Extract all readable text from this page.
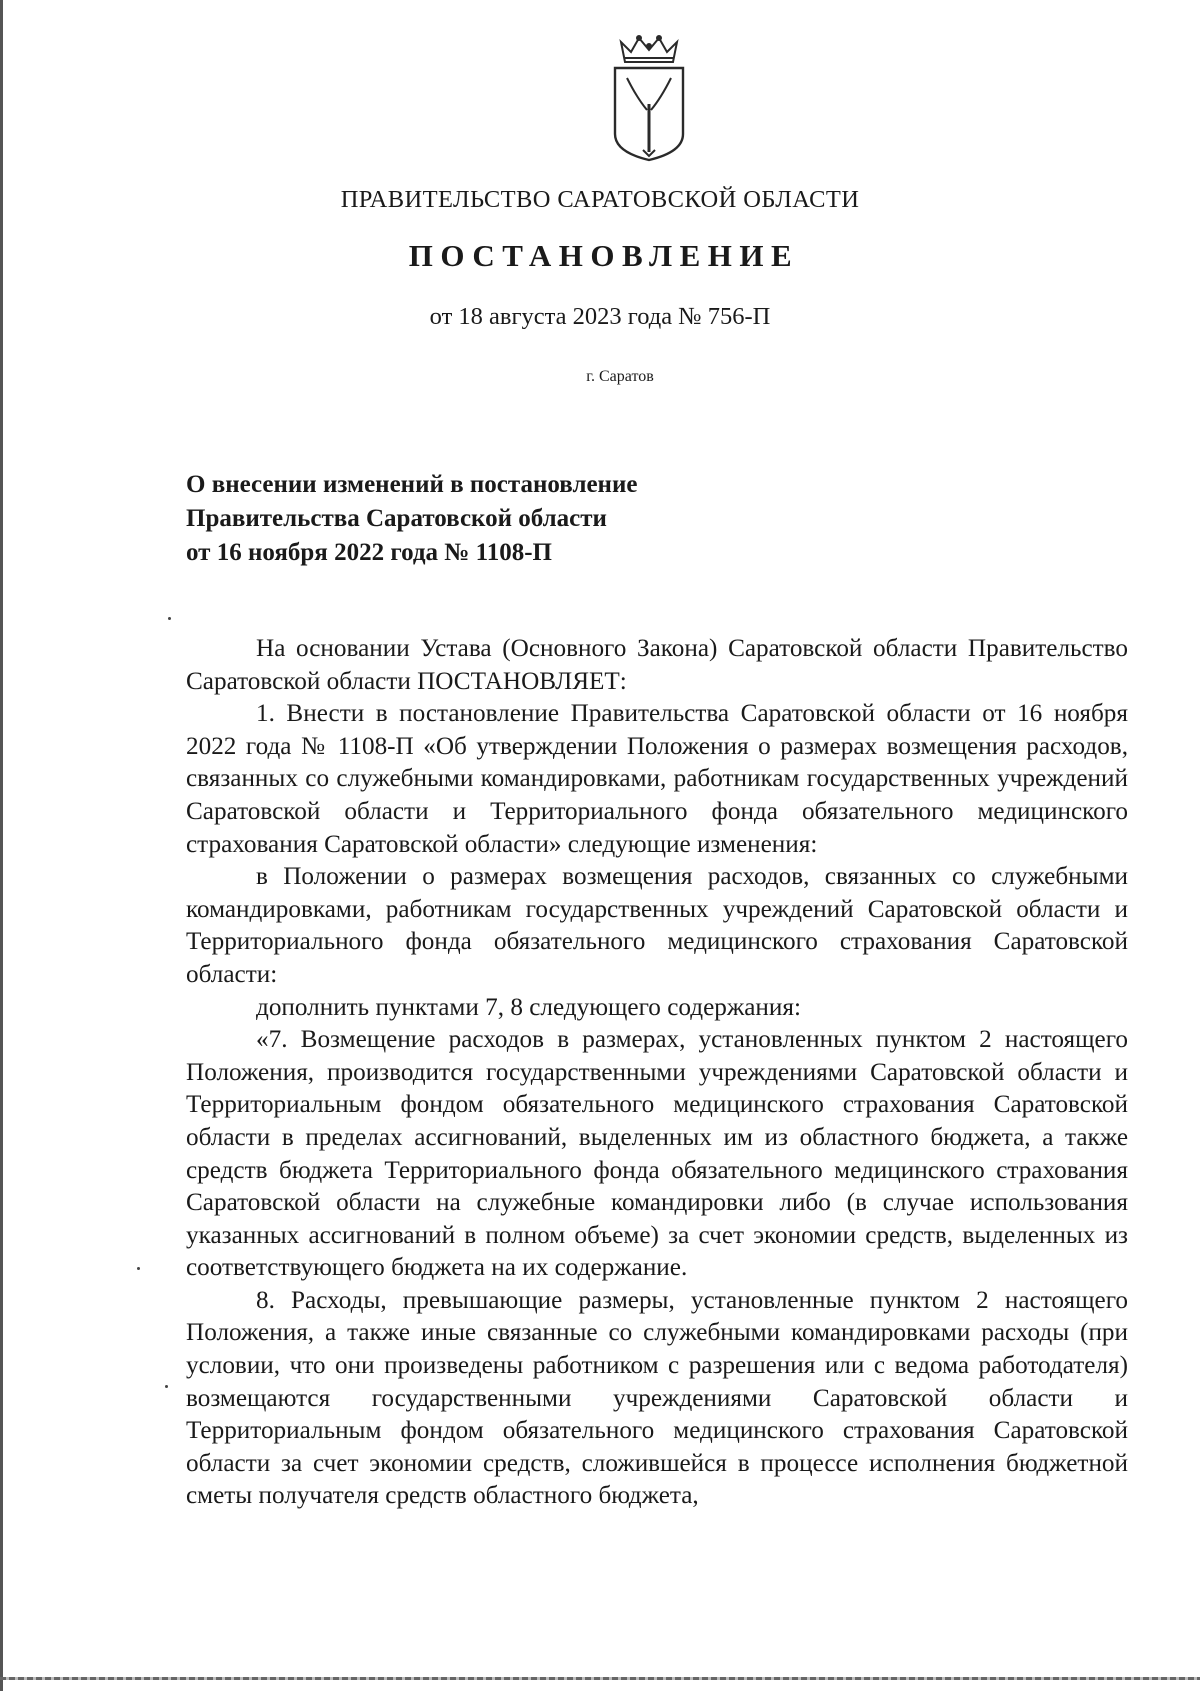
ПРАВИТЕЛЬСТВО САРАТОВСКОЙ ОБЛАСТИ
ПОСТАНОВЛЕНИЕ
от 18 августа 2023 года № 756-П
г. Саратов
О внесении изменений в постановление
Правительства Саратовской области
от 16 ноября 2022 года № 1108-П

На основании Устава (Основного Закона) Саратовской области Правительство Саратовской области ПОСТАНОВЛЯЕТ:

1. Внести в постановление Правительства Саратовской области от 16 ноября 2022 года № 1108-П «Об утверждении Положения о размерах возмещения расходов, связанных со служебными командировками, работникам государственных учреждений Саратовской области и Территориального фонда обязательного медицинского страхования Саратовской области» следующие изменения:

в Положении о размерах возмещения расходов, связанных со служебными командировками, работникам государственных учреждений Саратовской области и Территориального фонда обязательного медицинского страхования Саратовской области:

дополнить пунктами 7, 8 следующего содержания:

«7. Возмещение расходов в размерах, установленных пунктом 2 настоящего Положения, производится государственными учреждениями Саратовской области и Территориальным фондом обязательного медицинского страхования Саратовской области в пределах ассигнований, выделенных им из областного бюджета, а также средств бюджета Территориального фонда обязательного медицинского страхования Саратовской области на служебные командировки либо (в случае использования указанных ассигнований в полном объеме) за счет экономии средств, выделенных из соответствующего бюджета на их содержание.

8. Расходы, превышающие размеры, установленные пунктом 2 настоящего Положения, а также иные связанные со служебными командировками расходы (при условии, что они произведены работником с разрешения или с ведома работодателя) возмещаются государственными учреждениями Саратовской области и Территориальным фондом обязательного медицинского страхования Саратовской области за счет экономии средств, сложившейся в процессе исполнения бюджетной сметы получателя средств областного бюджета,
